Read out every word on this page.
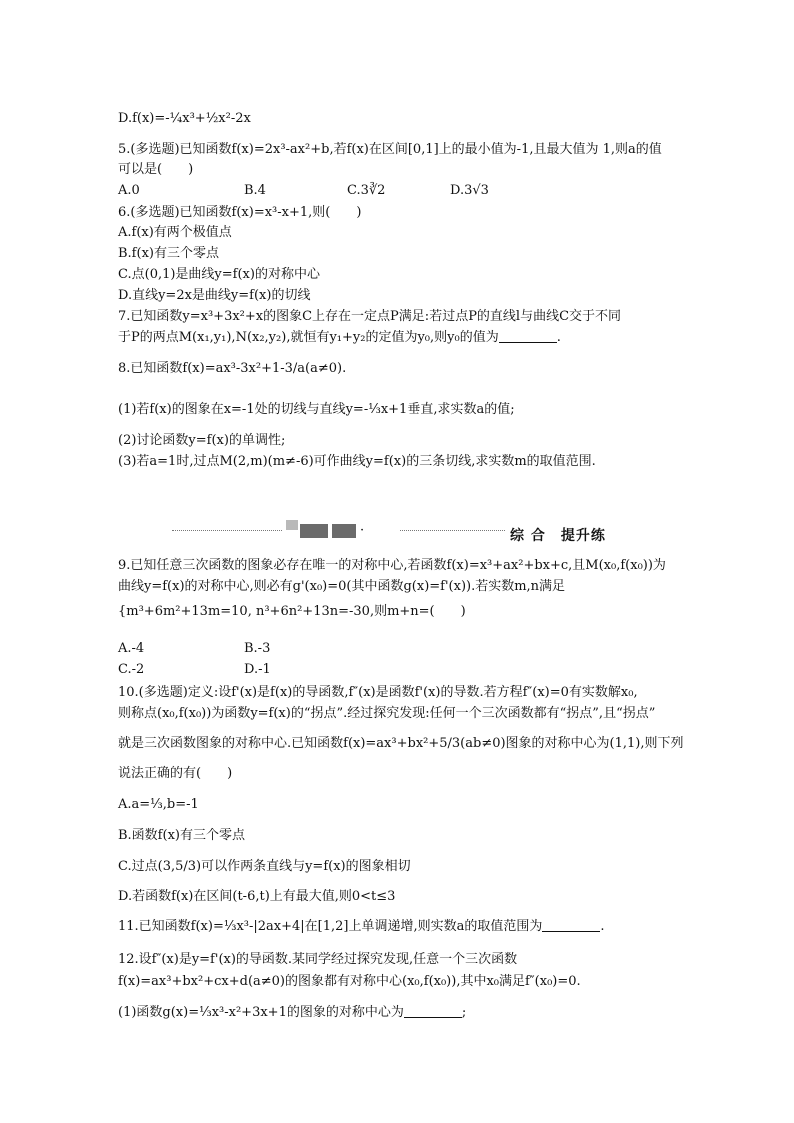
D.f(x)=-¼x³+½x²-2x
5.(多选题)已知函数f(x)=2x³-ax²+b,若f(x)在区间[0,1]上的最小值为-1,且最大值为 1,则a的值
可以是(　　)
A.0	B.4	C.3∛2	D.3√3
6.(多选题)已知函数f(x)=x³-x+1,则(　　)
A.f(x)有两个极值点
B.f(x)有三个零点
C.点(0,1)是曲线y=f(x)的对称中心
D.直线y=2x是曲线y=f(x)的切线
7.已知函数y=x³+3x²+x的图象C上存在一定点P满足:若过点P的直线l与曲线C交于不同
于P的两点M(x₁,y₁),N(x₂,y₂),就恒有y₁+y₂的定值为y₀,则y₀的值为	.
8.已知函数f(x)=ax³-3x²+1-3/a(a≠0).
(1)若f(x)的图象在x=-1处的切线与直线y=-⅓x+1垂直,求实数a的值;
(2)讨论函数y=f(x)的单调性;
(3)若a=1时,过点M(2,m)(m≠-6)可作曲线y=f(x)的三条切线,求实数m的取值范围.
·	综 合　提升练
9.已知任意三次函数的图象必存在唯一的对称中心,若函数f(x)=x³+ax²+bx+c,且M(x₀,f(x₀))为
曲线y=f(x)的对称中心,则必有g'(x₀)=0(其中函数g(x)=f'(x)).若实数m,n满足
{m³+6m²+13m=10, n³+6n²+13n=-30,则m+n=(　　)
A.-4	B.-3
C.-2	D.-1
10.(多选题)定义:设f'(x)是f(x)的导函数,f″(x)是函数f'(x)的导数.若方程f″(x)=0有实数解x₀,
则称点(x₀,f(x₀))为函数y=f(x)的“拐点”.经过探究发现:任何一个三次函数都有“拐点”,且“拐点”
就是三次函数图象的对称中心.已知函数f(x)=ax³+bx²+5/3(ab≠0)图象的对称中心为(1,1),则下列
说法正确的有(　　)
A.a=⅓,b=-1
B.函数f(x)有三个零点
C.过点(3,5/3)可以作两条直线与y=f(x)的图象相切
D.若函数f(x)在区间(t-6,t)上有最大值,则0<t≤3
11.已知函数f(x)=⅓x³-|2ax+4|在[1,2]上单调递增,则实数a的取值范围为	.
12.设f″(x)是y=f'(x)的导函数.某同学经过探究发现,任意一个三次函数
f(x)=ax³+bx²+cx+d(a≠0)的图象都有对称中心(x₀,f(x₀)),其中x₀满足f″(x₀)=0.
(1)函数g(x)=⅓x³-x²+3x+1的图象的对称中心为	;
